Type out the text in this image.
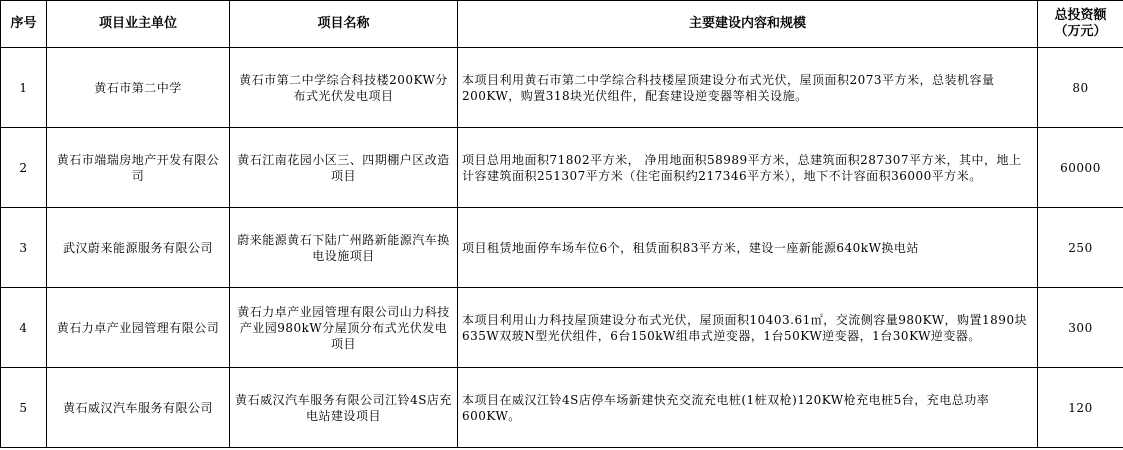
序号	项目业主单位	项目名称	主要建设内容和规模	总投资额
（万元）
1	黄石市第二中学	黄石市第二中学综合科技楼200KW分布式光伏发电项目	本项目利用黄石市第二中学综合科技楼屋顶建设分布式光伏，屋顶面积2073平方米，总装机容量200KW，购置318块光伏组件，配套建设逆变器等相关设施。	80
2	黄石市端瑞房地产开发有限公司	黄石江南花园小区三、四期棚户区改造项目	项目总用地面积71802平方米， 净用地面积58989平方米，总建筑面积287307平方米，其中，地上计容建筑面积251307平方米（住宅面积约217346平方米），地下不计容面积36000平方米。	60000
3	武汉蔚来能源服务有限公司	蔚来能源黄石下陆广州路新能源汽车换电设施项目	项目租赁地面停车场车位6个，租赁面积83平方米，建设一座新能源640kW换电站	250
4	黄石力卓产业园管理有限公司	黄石力卓产业园管理有限公司山力科技产业园980kW分屋顶分布式光伏发电项目	本项目利用山力科技屋顶建设分布式光伏，屋顶面积10403.61㎡，交流侧容量980KW，购置1890块635W双玻N型光伏组件，6台150kW组串式逆变器，1台50KW逆变器，1台30KW逆变器。	300
5	黄石威汉汽车服务有限公司	黄石威汉汽车服务有限公司江铃4S店充电站建设项目	本项目在威汉江铃4S店停车场新建快充交流充电桩(1桩双枪)120KW枪充电桩5台，充电总功率600KW。	120
